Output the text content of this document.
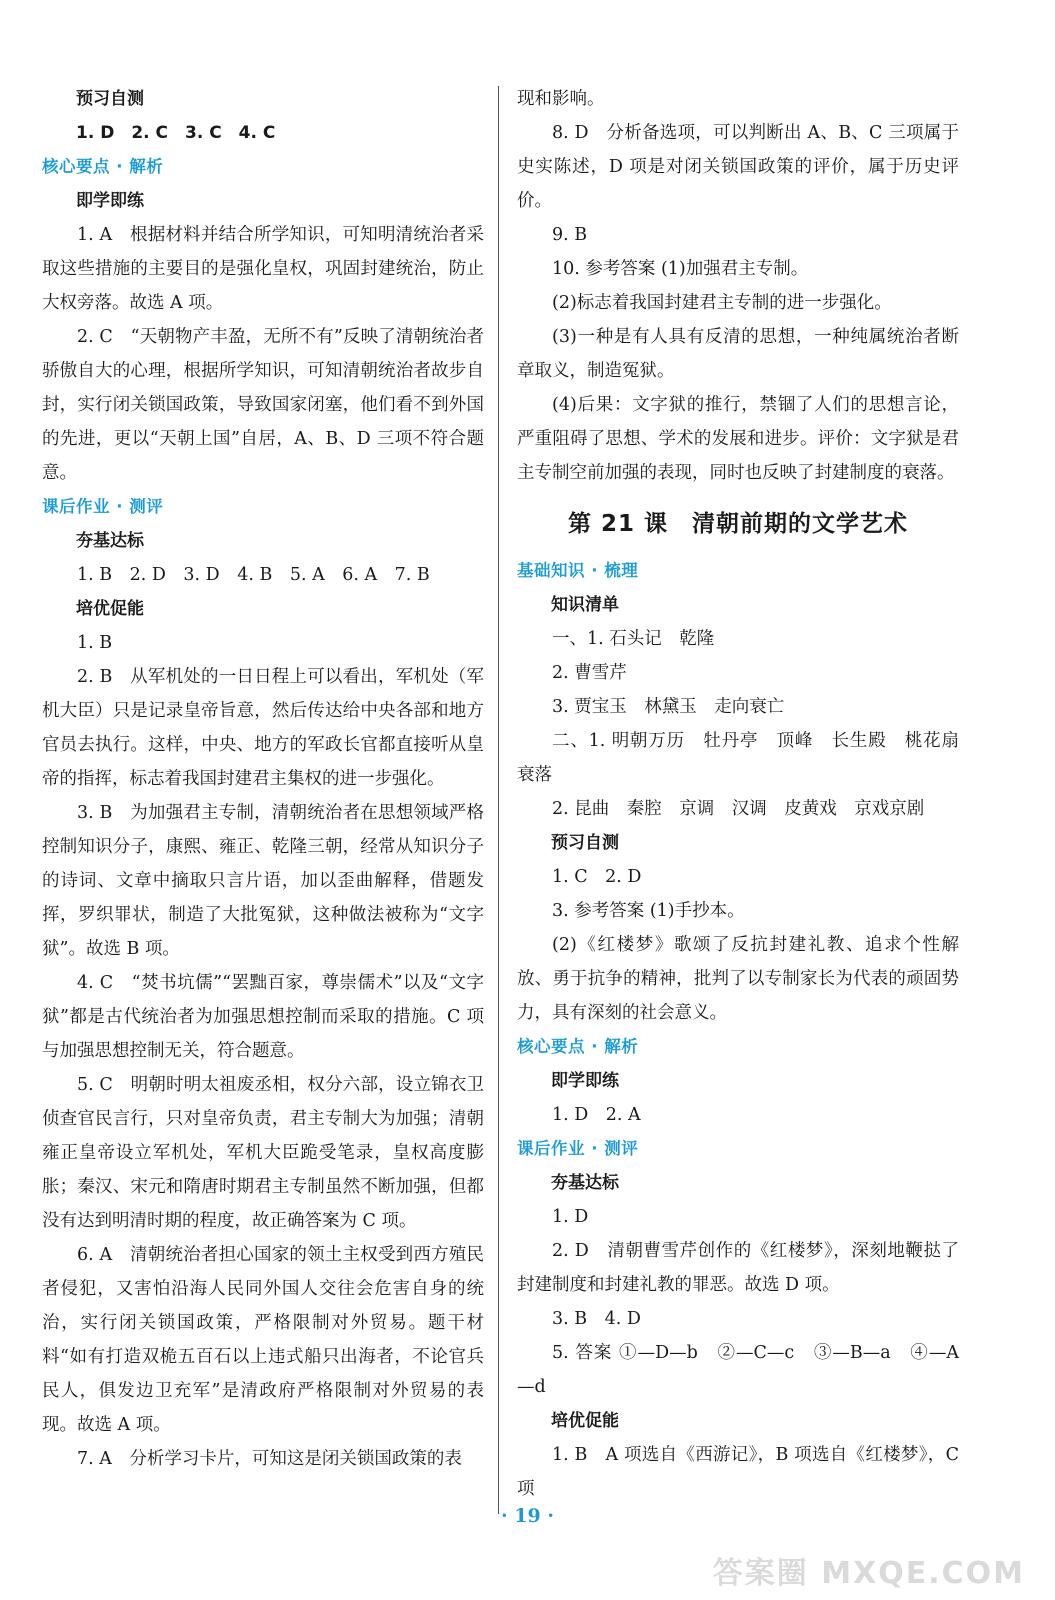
预习自测
1. D　2. C　3. C　4. C
核心要点 · 解析
即学即练
1. A　根据材料并结合所学知识，可知明清统治者采取这些措施的主要目的是强化皇权，巩固封建统治，防止大权旁落。故选 A 项。
2. C　“天朝物产丰盈，无所不有”反映了清朝统治者骄傲自大的心理，根据所学知识，可知清朝统治者故步自封，实行闭关锁国政策，导致国家闭塞，他们看不到外国的先进，更以“天朝上国”自居，A、B、D 三项不符合题意。
课后作业 · 测评
夯基达标
1. B　2. D　3. D　4. B　5. A　6. A　7. B
培优促能
1. B
2. B　从军机处的一日日程上可以看出，军机处（军机大臣）只是记录皇帝旨意，然后传达给中央各部和地方官员去执行。这样，中央、地方的军政长官都直接听从皇帝的指挥，标志着我国封建君主集权的进一步强化。
3. B　为加强君主专制，清朝统治者在思想领域严格控制知识分子，康熙、雍正、乾隆三朝，经常从知识分子的诗词、文章中摘取只言片语，加以歪曲解释，借题发挥，罗织罪状，制造了大批冤狱，这种做法被称为“文字狱”。故选 B 项。
4. C　“焚书坑儒”“罢黜百家，尊崇儒术”以及“文字狱”都是古代统治者为加强思想控制而采取的措施。C 项与加强思想控制无关，符合题意。
5. C　明朝时明太祖废丞相，权分六部，设立锦衣卫侦查官民言行，只对皇帝负责，君主专制大为加强；清朝雍正皇帝设立军机处，军机大臣跪受笔录，皇权高度膨胀；秦汉、宋元和隋唐时期君主专制虽然不断加强，但都没有达到明清时期的程度，故正确答案为 C 项。
6. A　清朝统治者担心国家的领土主权受到西方殖民者侵犯，又害怕沿海人民同外国人交往会危害自身的统治，实行闭关锁国政策，严格限制对外贸易。题干材料“如有打造双桅五百石以上违式船只出海者，不论官兵民人，俱发边卫充军”是清政府严格限制对外贸易的表现。故选 A 项。
7. A　分析学习卡片，可知这是闭关锁国政策的表
现和影响。
8. D　分析备选项，可以判断出 A、B、C 三项属于史实陈述，D 项是对闭关锁国政策的评价，属于历史评价。
9. B
10. 参考答案 (1)加强君主专制。
(2)标志着我国封建君主专制的进一步强化。
(3)一种是有人具有反清的思想，一种纯属统治者断章取义，制造冤狱。
(4)后果：文字狱的推行，禁锢了人们的思想言论，严重阻碍了思想、学术的发展和进步。评价：文字狱是君主专制空前加强的表现，同时也反映了封建制度的衰落。
第 21 课　清朝前期的文学艺术
基础知识 · 梳理
知识清单
一、1. 石头记　乾隆
2. 曹雪芹
3. 贾宝玉　林黛玉　走向衰亡
二、1. 明朝万历　牡丹亭　顶峰　长生殿　桃花扇衰落
2. 昆曲　秦腔　京调　汉调　皮黄戏　京戏京剧
预习自测
1. C　2. D
3. 参考答案 (1)手抄本。
(2)《红楼梦》歌颂了反抗封建礼教、追求个性解放、勇于抗争的精神，批判了以专制家长为代表的顽固势力，具有深刻的社会意义。
核心要点 · 解析
即学即练
1. D　2. A
课后作业 · 测评
夯基达标
1. D
2. D　清朝曹雪芹创作的《红楼梦》，深刻地鞭挞了封建制度和封建礼教的罪恶。故选 D 项。
3. B　4. D
5. 答案 ①—D—b　②—C—c　③—B—a　④—A—d
培优促能
1. B　A 项选自《西游记》，B 项选自《红楼梦》，C 项
· 19 ·
答案圈 MXQE.COM
